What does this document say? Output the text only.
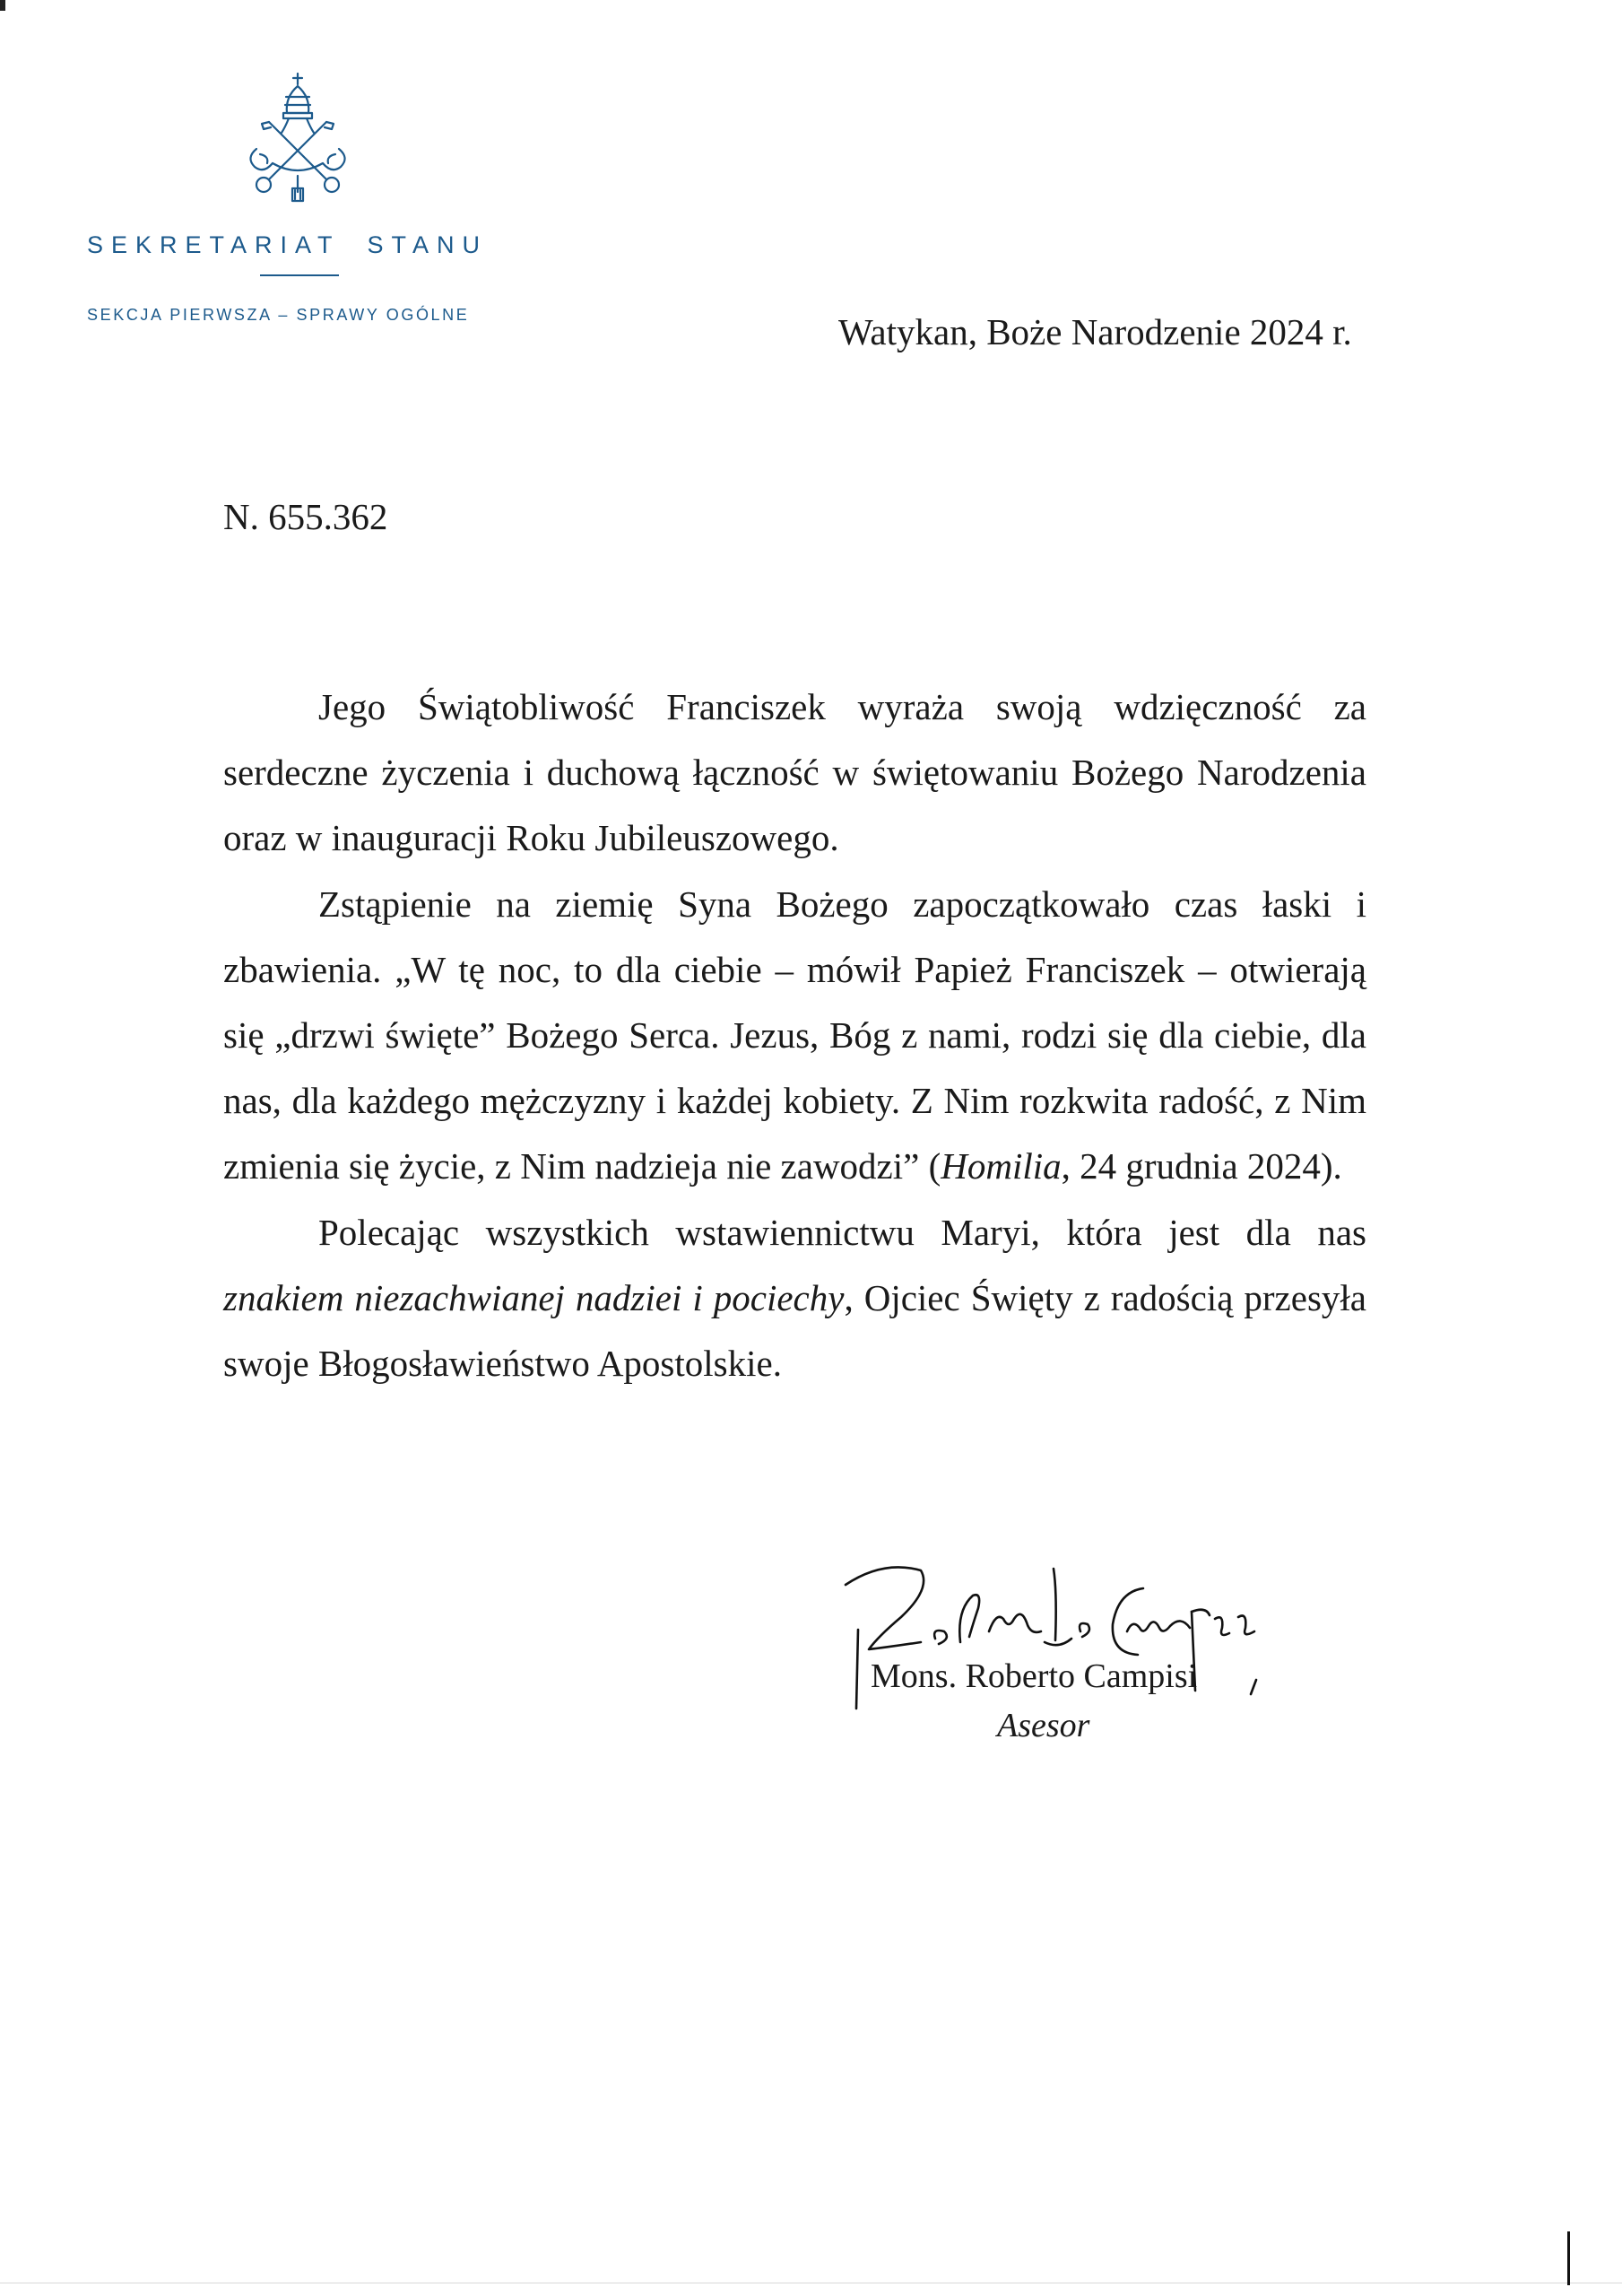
SEKRETARIAT STANU
SEKCJA PIERWSZA – SPRAWY OGÓLNE	Watykan, Boże Narodzenie 2024 r.
N. 655.362

Jego Świątobliwość Franciszek wyraża swoją wdzięczność za serdeczne życzenia i duchową łączność w świętowaniu Bożego Narodzenia oraz w inauguracji Roku Jubileuszowego.

Zstąpienie na ziemię Syna Bożego zapoczątkowało czas łaski i zbawienia. „W tę noc, to dla ciebie – mówił Papież Franciszek – otwierają się „drzwi święte” Bożego Serca. Jezus, Bóg z nami, rodzi się dla ciebie, dla nas, dla każdego mężczyzny i każdej kobiety. Z Nim rozkwita radość, z Nim zmienia się życie, z Nim nadzieja nie zawodzi” (Homilia, 24 grudnia 2024).

Polecając wszystkich wstawiennictwu Maryi, która jest dla nas znakiem niezachwianej nadziei i pociechy, Ojciec Święty z radością przesyła swoje Błogosławieństwo Apostolskie.

Mons. Roberto Campisi
Asesor
